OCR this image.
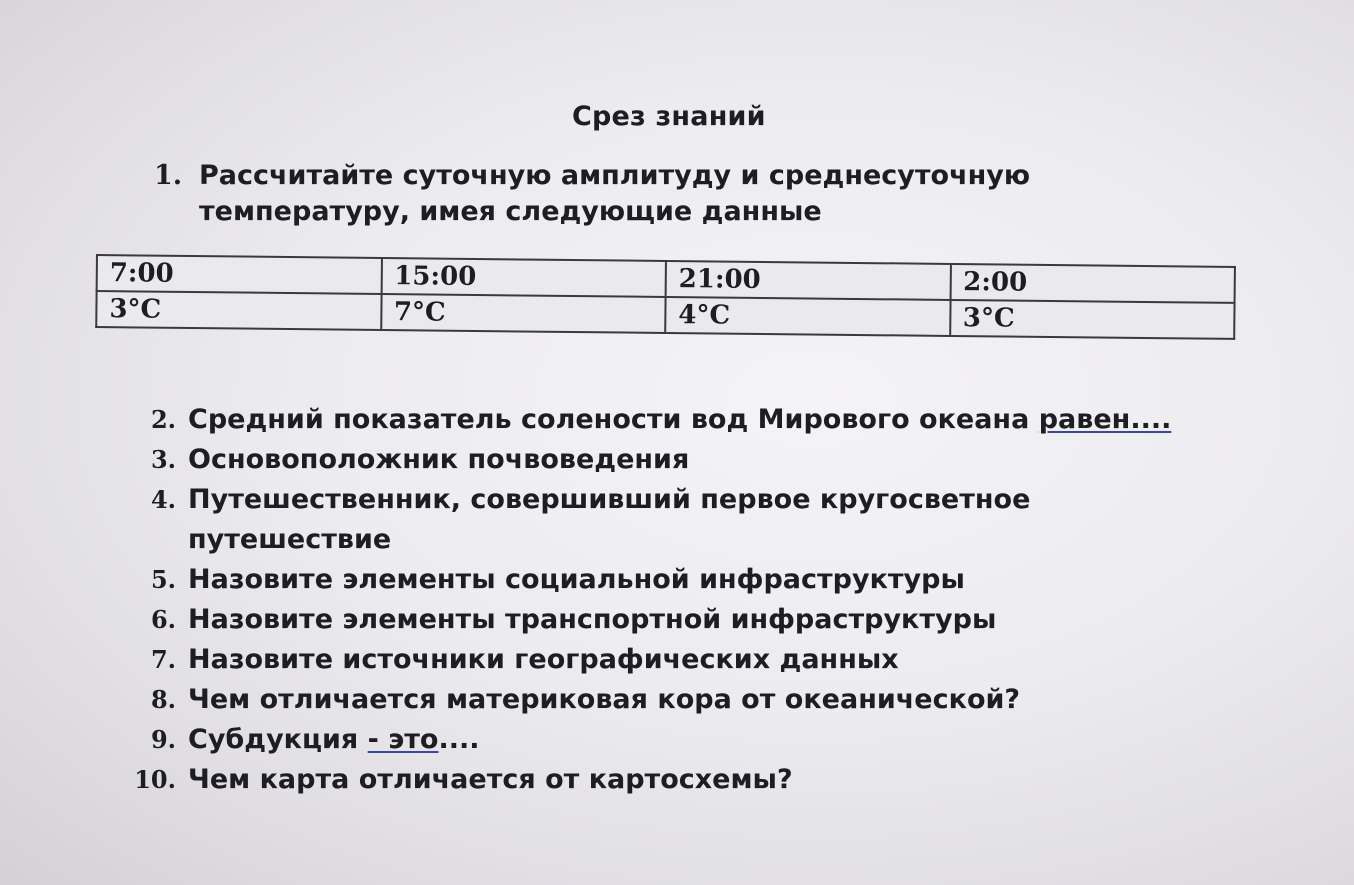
Срез знаний
1. Рассчитайте суточную амплитуду и среднесуточную
температуру, имея следующие данные
7:00	15:00	21:00	2:00
3°C	7°C	4°C	3°C
2. Средний показатель солености вод Мирового океана равен....
3. Основоположник почвоведения
4. Путешественник, совершивший первое кругосветное
путешествие
5. Назовите элементы социальной инфраструктуры
6. Назовите элементы транспортной инфраструктуры
7. Назовите источники географических данных
8. Чем отличается материковая кора от океанической?
9. Субдукция - это....
10. Чем карта отличается от картосхемы?
